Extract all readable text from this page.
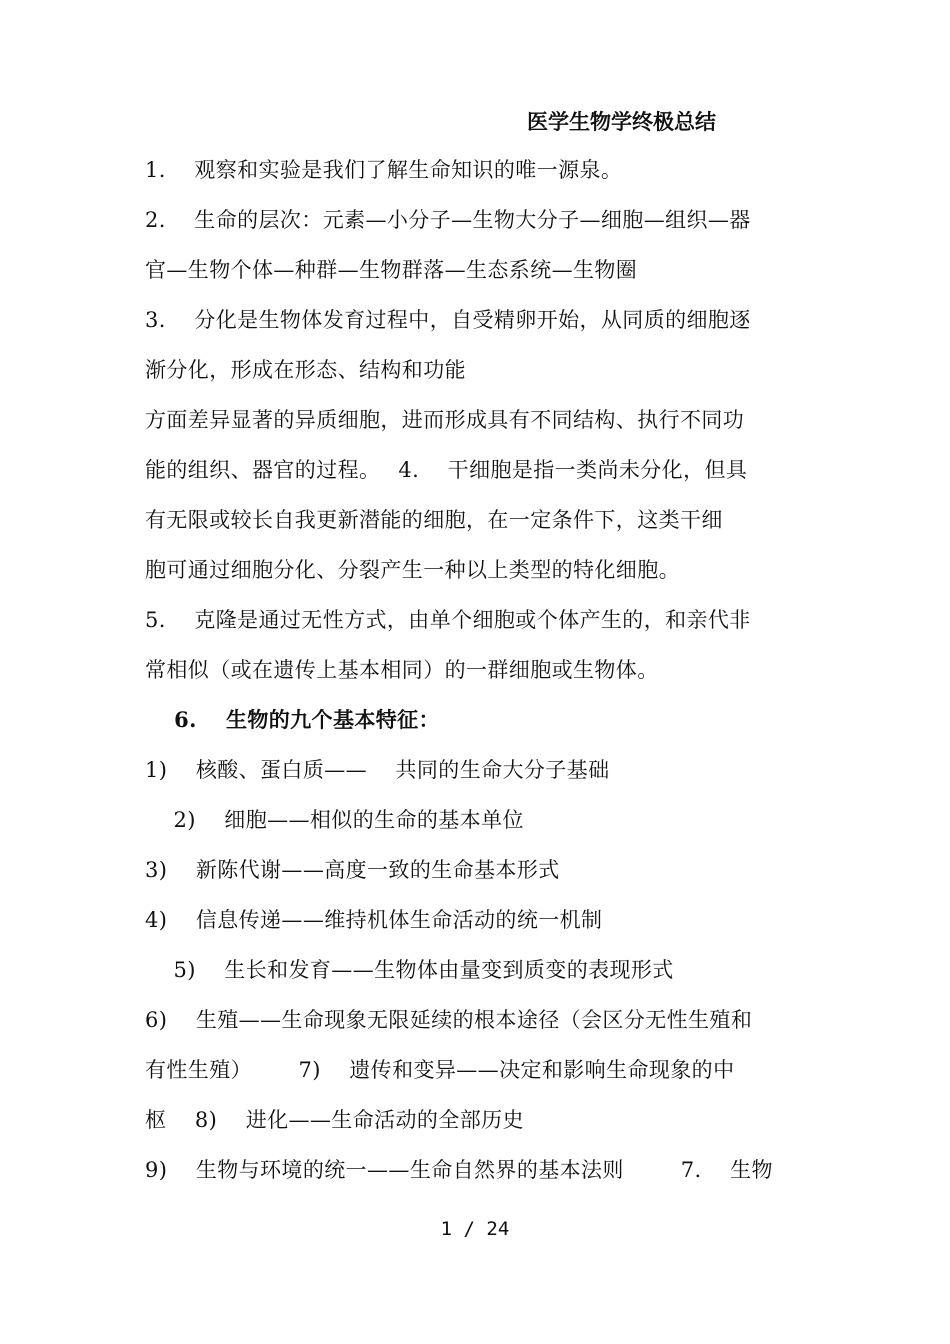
医学生物学终极总结
1.　 观察和实验是我们了解生命知识的唯一源泉。
2.　 生命的层次：元素—小分子—生物大分子—细胞—组织—器
官—生物个体—种群—生物群落—生态系统—生物圈
3.　 分化是生物体发育过程中，自受精卵开始，从同质的细胞逐
渐分化，形成在形态、结构和功能
方面差异显著的异质细胞，进而形成具有不同结构、执行不同功
能的组织、器官的过程。　 4.　 干细胞是指一类尚未分化，但具
有无限或较长自我更新潜能的细胞，在一定条件下，这类干细
胞可通过细胞分化、分裂产生一种以上类型的特化细胞。
5.　 克隆是通过无性方式，由单个细胞或个体产生的，和亲代非
常相似（或在遗传上基本相同）的一群细胞或生物体。
　 6.　 生物的九个基本特征：
1)　 核酸、蛋白质——　 共同的生命大分子基础
　 2)　 细胞——相似的生命的基本单位
3)　 新陈代谢——高度一致的生命基本形式
4)　 信息传递——维持机体生命活动的统一机制
　 5)　 生长和发育——生物体由量变到质变的表现形式
6)　 生殖——生命现象无限延续的根本途径（会区分无性生殖和
有性生殖）　 　 7)　 遗传和变异——决定和影响生命现象的中
枢　 8)　 进化——生命活动的全部历史
9)　 生物与环境的统一——生命自然界的基本法则　 　 7.　 生物
1 / 24
